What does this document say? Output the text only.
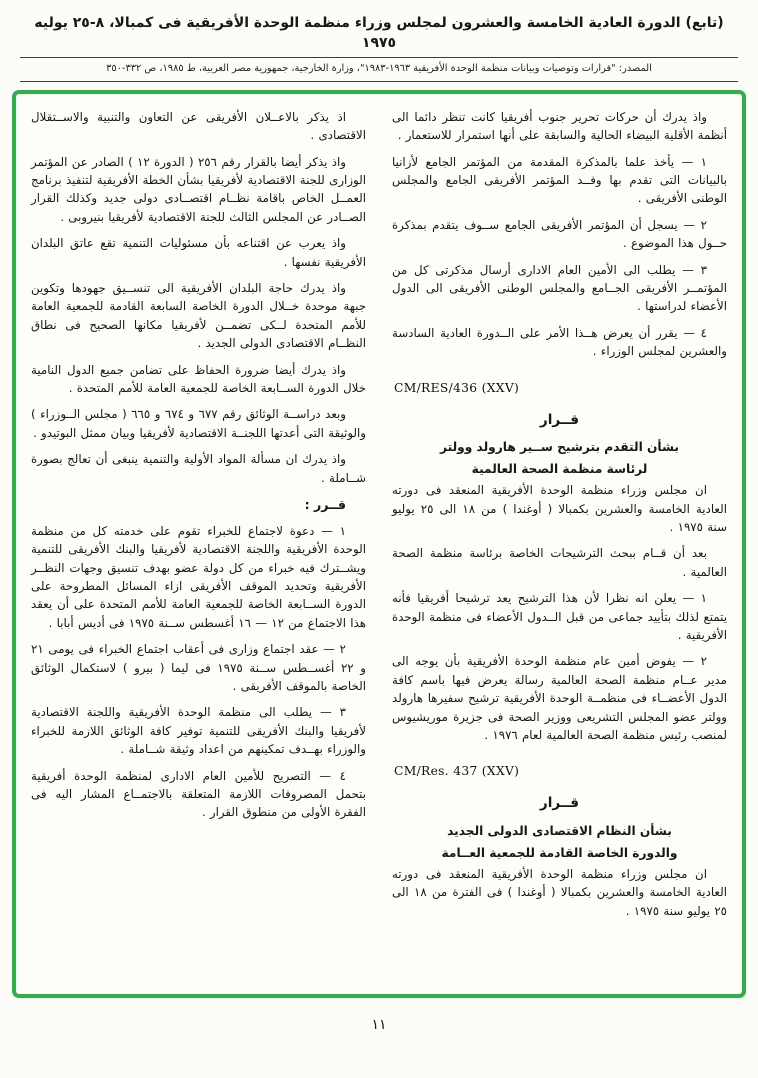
(تابع) الدورة العادية الخامسة والعشرون لمجلس وزراء منظمة الوحدة الأفريقية فى كمبالا، ٨-٢٥ يوليه ١٩٧٥
المصدر: "قرارات وتوصيات وبيانات منظمة الوحدة الأفريقية ١٩٦٣-١٩٨٣"، وزارة الخارجية، جمهورية مصر العربية، ط ١٩٨٥، ص ٣٣٢-٣٥٠

واذ يدرك أن حركات تحرير جنوب أفريقيا كانت تنظر دائما الى أنظمة الأقلية البيضاء الحالية والسابقة على أنها استمرار للاستعمار .

١ — يأخذ علما بالمذكرة المقدمة من المؤتمر الجامع لأزانيا بالبيانات التى تقدم بها وفــد المؤتمر الأفريقى الجامع والمجلس الوطنى الأفريقى .

٢ — يسجل أن المؤتمر الأفريقى الجامع ســوف يتقدم بمذكرة حــول هذا الموضوع .

٣ — يطلب الى الأمين العام الادارى أرسال مذكرتى كل من المؤتمــر الأفريقى الجــامع والمجلس الوطنى الأفريقى الى الدول الأعضاء لدراستها .

٤ — يقرر أن يعرض هــذا الأمر على الــدورة العادية السادسة والعشرين لمجلس الوزراء .

CM/RES/436 (XXV)
قــرار
بشأن التقدم بترشيح ســير هارولد وولتر
لرئاسة منظمة الصحة العالمية

ان مجلس وزراء منظمة الوحدة الأفريقية المنعقد فى دورته العادية الخامسة والعشرين بكمبالا ( أوغندا ) من ١٨ الى ٢٥ يوليو سنة ١٩٧٥ .

بعد أن قــام ببحث الترشيحات الخاصة برئاسة منظمة الصحة العالمية .

١ — يعلن انه نظرا لأن هذا الترشيح يعد ترشيحا أفريقيا فأنه يتمتع لذلك بتأييد جماعى من قبل الــدول الأعضاء فى منظمة الوحدة الأفريقية .

٢ — يفوض أمين عام منظمة الوحدة الأفريقية بأن يوجه الى مدير عــام منظمة الصحة العالمية رسالة يعرض فيها باسم كافة الدول الأعضــاء فى منظمــة الوحدة الأفريقية ترشيح سفيرها هارولد وولتر عضو المجلس التشريعى ووزير الصحة فى جزيرة موريشيوس لمنصب رئيس منظمة الصحة العالمية لعام ١٩٧٦ .

CM/Res. 437 (XXV)
قــرار
بشأن النظام الاقتصادى الدولى الجديد
والدورة الخاصة القادمة للجمعية العــامة

ان مجلس وزراء منظمة الوحدة الأفريقية المنعقد فى دورته العادية الخامسة والعشرين بكمبالا ( أوغندا ) فى الفترة من ١٨ الى ٢٥ يوليو سنة ١٩٧٥ .

اذ يذكر بالاعــلان الأفريقى عن التعاون والتنبية والاســتقلال الاقتصادى .

واذ يذكر أيضا بالقرار رقم ٢٥٦ ( الدورة ١٢ ) الصادر عن المؤتمر الوزارى للجنة الاقتصادية لأفريقيا بشأن الخطة الأفريقية لتنفيذ برنامج العمــل الخاص باقامة نظــام اقتصــادى دولى جديد وكذلك القرار الصــادر عن المجلس الثالث للجنة الاقتصادية لأفريقيا بنيروبى .

واذ يعرب عن اقتناعه بأن مسئوليات التنمية تقع عاتق البلدان الأفريقية نفسها .

واذ يدرك حاجة البلدان الأفريقية الى تنســيق جهودها وتكوين جبهة موحدة خــلال الدورة الخاصة السابعة القادمة للجمعية العامة للأمم المتحدة لــكى تضمــن لأفريقيا مكانها الصحيح فى نطاق النظــام الاقتصادى الدولى الجديد .

واذ يدرك أيضا ضرورة الحفاظ على تضامن جميع الدول النامية خلال الدورة الســابعة الخاصة للجمعية العامة للأمم المتحدة .

وبعد دراســة الوثائق رقم ٦٧٧ و ٦٧٤ و ٦٦٥ ( مجلس الــوزراء ) والوثيقة التى أعدتها اللجنــة الاقتصادية لأفريقيا وبيان ممثل البوتيدو .

واذ يدرك ان مسألة المواد الأولية والتنمية ينبغى أن تعالج بصورة شــاملة .

قــرر :

١ — دعوة لاجتماع للخبراء تقوم على خدمته كل من منظمة الوحدة الأفريقية واللجنة الاقتصادية لأفريقيا والبنك الأفريقى للتنمية ويشــترك فيه خبراء من كل دولة عضو بهدف تنسيق وجهات النظــر الأفريقية وتحديد الموقف الأفريقى ازاء المسائل المطروحة على الدورة الســابعة الخاصة للجمعية العامة للأمم المتحدة على أن يعقد هذا الاجتماع من ١٢ — ١٦ أغسطس ســنة ١٩٧٥ فى أديس أبابا .

٢ — عقد اجتماع وزارى فى أعقاب اجتماع الخبراء فى يومى ٢١ و ٢٢ أغســطس ســنة ١٩٧٥ فى ليما ( بيرو ) لاستكمال الوثائق الخاصة بالموقف الأفريقى .

٣ — يطلب الى منظمة الوحدة الأفريقية واللجنة الاقتصادية لأفريقيا والبنك الأفريقى للتنمية توفير كافة الوثائق اللازمة للخبراء والوزراء بهــدف تمكينهم من اعداد وثيقة شــاملة .

٤ — التصريح للأمين العام الادارى لمنظمة الوحدة أفريقية بتحمل المصروفات اللازمة المتعلقة بالاجتمــاع المشار اليه فى الفقرة الأولى من منطوق القرار .

١١
